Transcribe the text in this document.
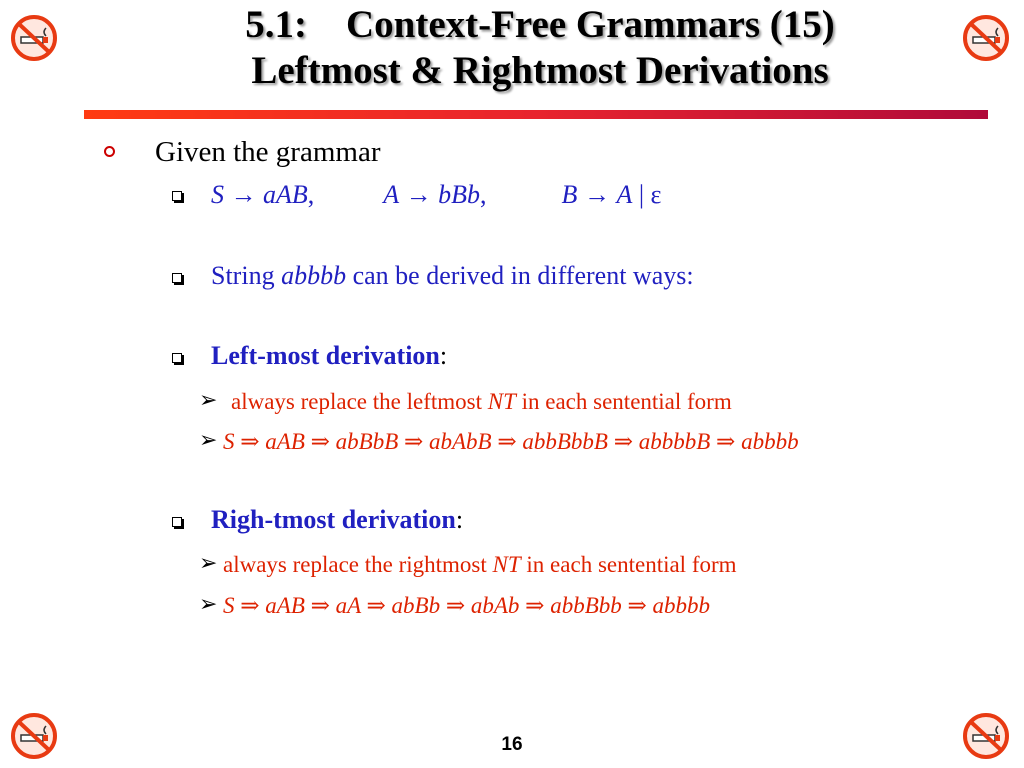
5.1:    Context-Free Grammars (15)
Leftmost & Rightmost Derivations
Given the grammar
S → aAB,	A → bBb,	B → A | ε
String abbbb can be derived in different ways:
Left-most derivation:
➢ always replace the leftmost NT in each sentential form
➢ S ⇒ aAB ⇒ abBbB ⇒ abAbB ⇒ abbBbbB ⇒ abbbbB ⇒ abbbb
Righ-tmost derivation:
➢ always replace the rightmost NT in each sentential form
➢ S ⇒ aAB ⇒ aA ⇒ abBb ⇒ abAb ⇒ abbBbb ⇒ abbbb
16
